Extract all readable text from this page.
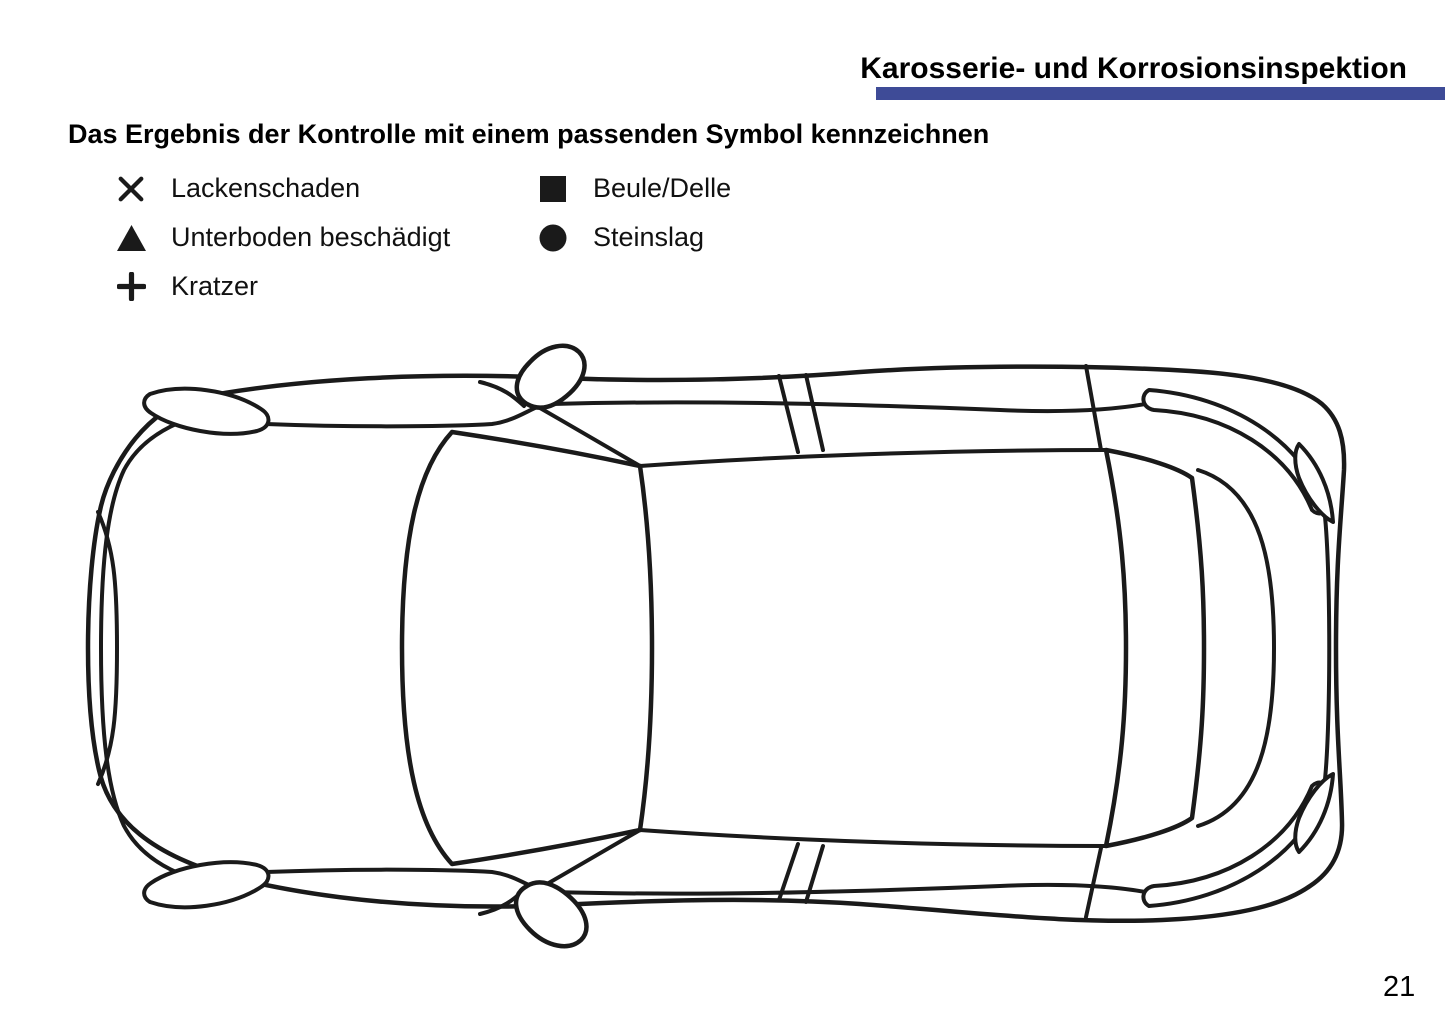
Karosserie- und Korrosionsinspektion
Das Ergebnis der Kontrolle mit einem passenden Symbol kennzeichnen
Lackenschaden
Unterboden beschädigt
Kratzer
Beule/Delle
Steinslag
21
